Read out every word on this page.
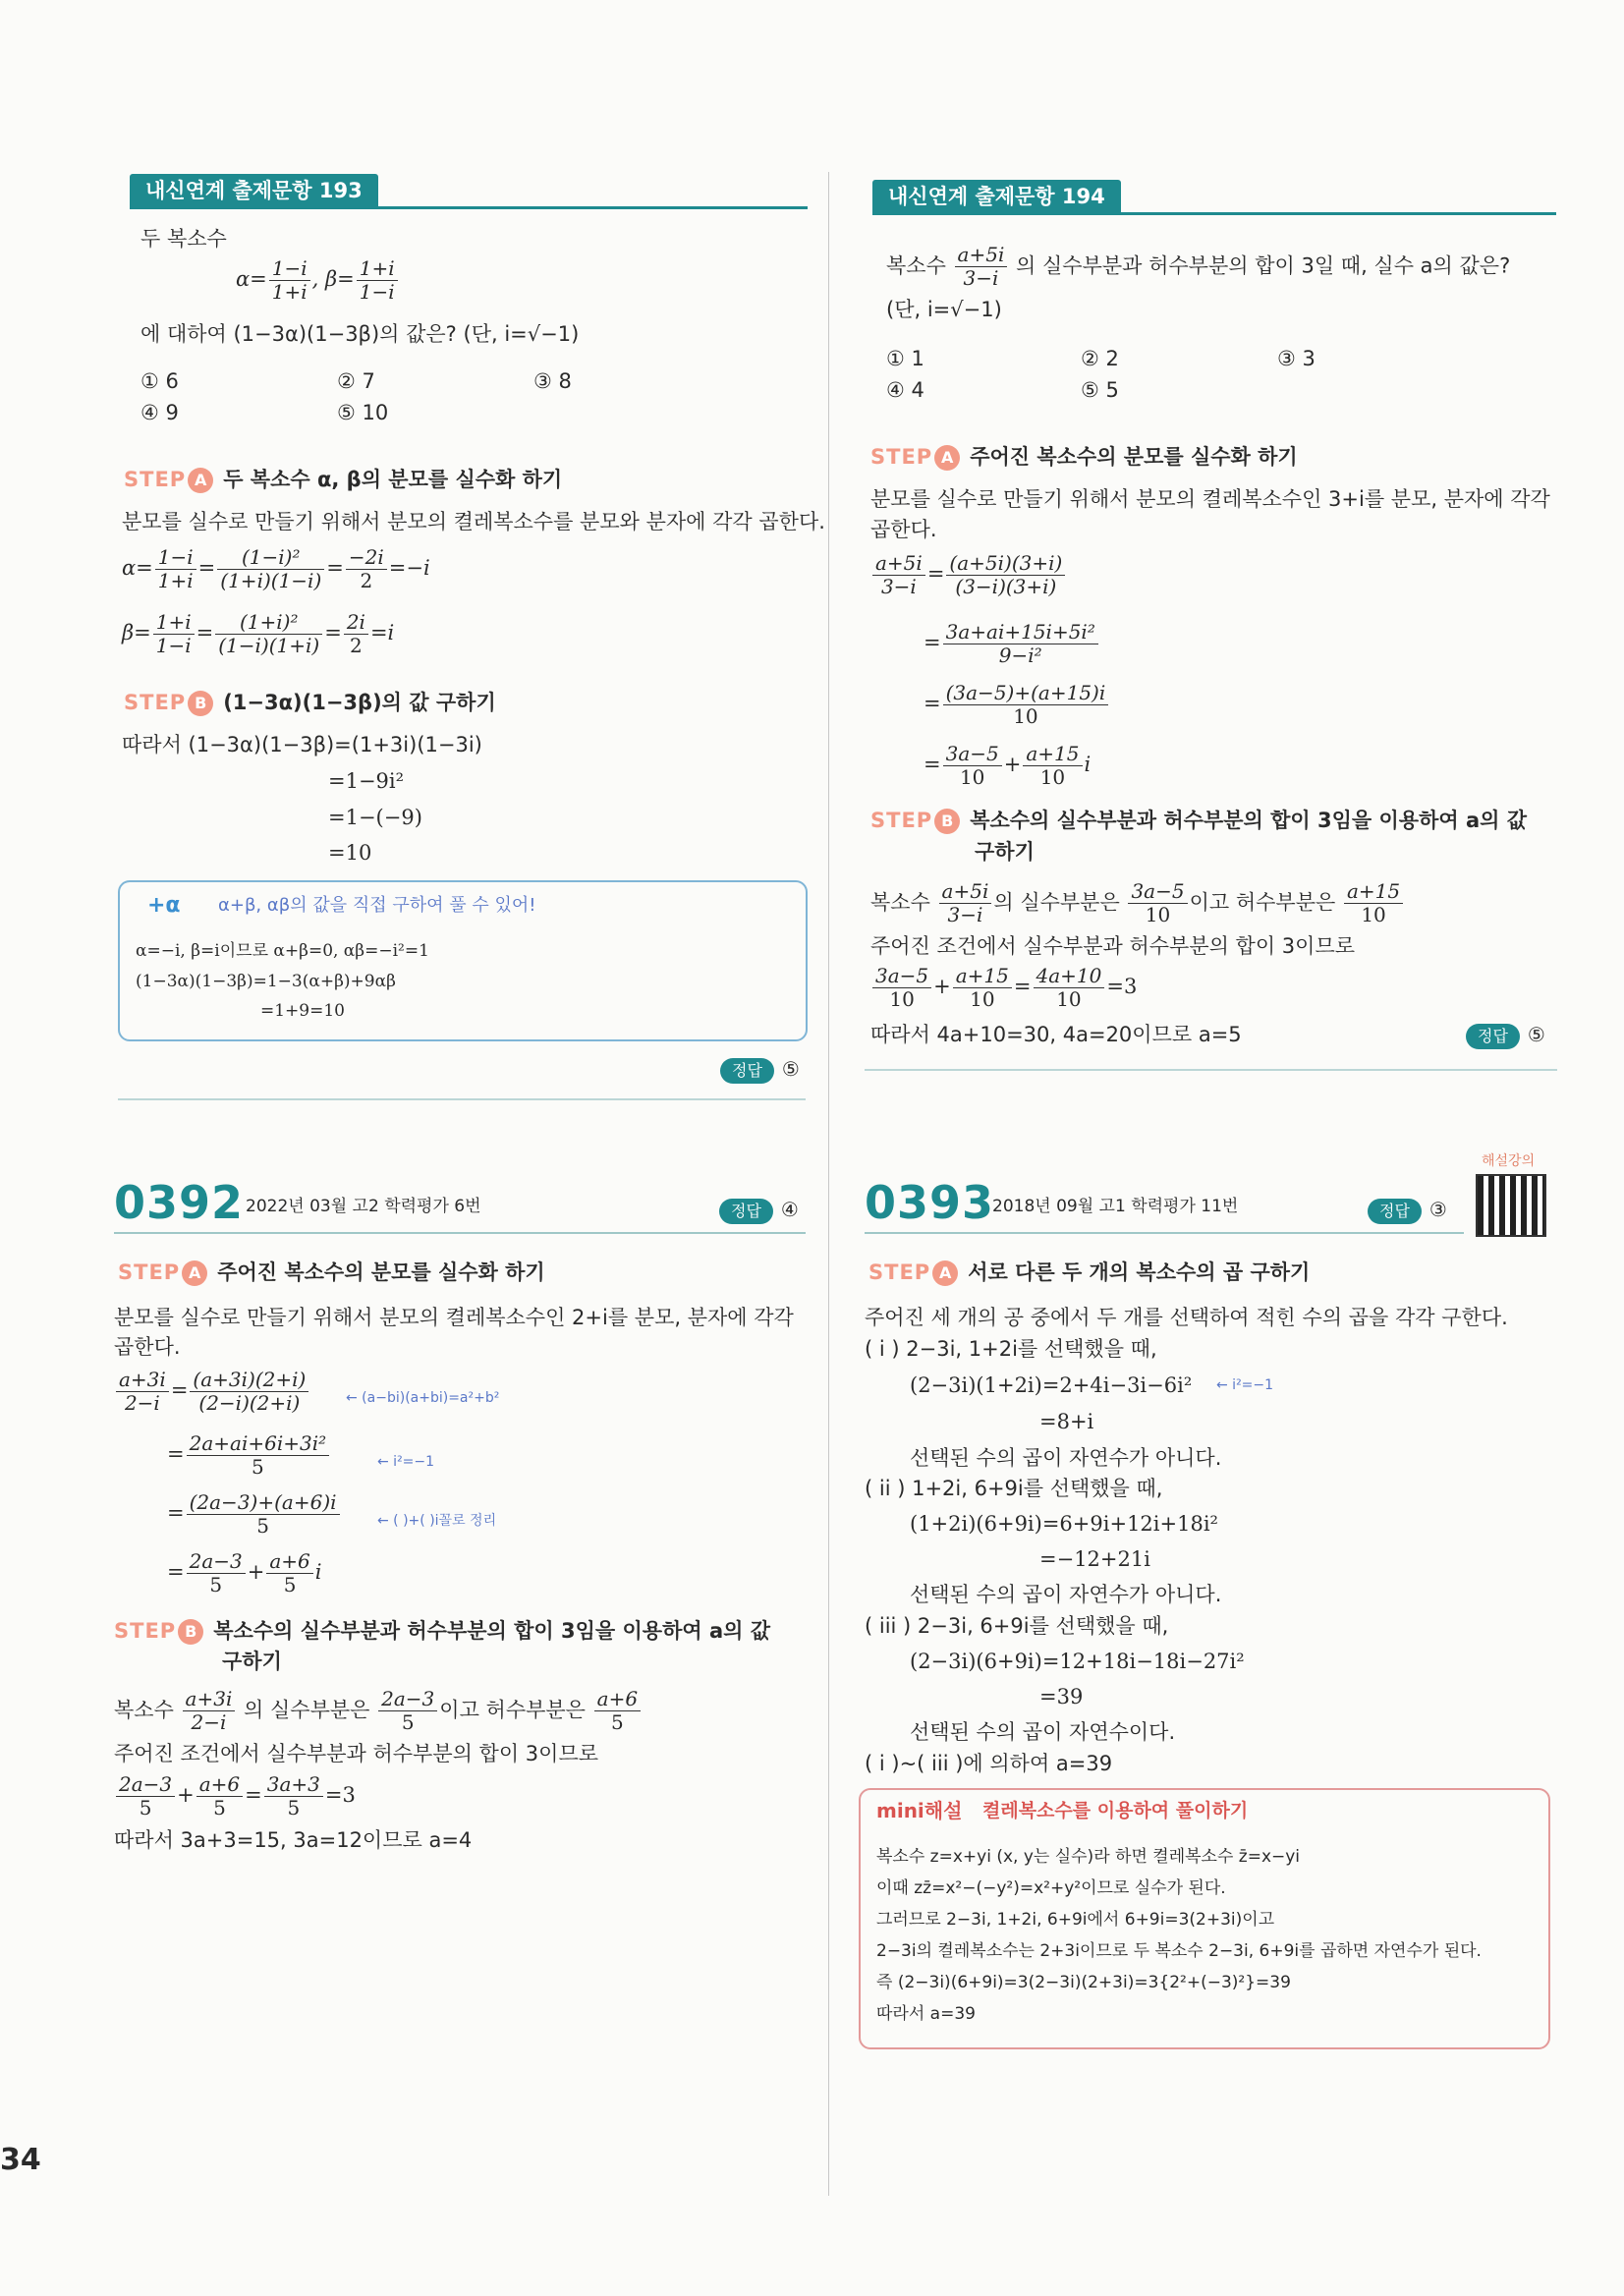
내신연계 출제문항 193
두 복소수
$\alpha= \frac{1-i}{1+i}$ , $\beta= \frac{1+i}{1-i}$
에 대하여 (1−3α)(1−3β)의 값은? (단, i=√−1)
① 6	② 7	③ 8
④ 9	⑤ 10
STEP A 두 복소수 α, β의 분모를 실수화 하기
분모를 실수로 만들기 위해서 분모의 켤레복소수를 분모와 분자에 각각 곱한다.
$\alpha= \frac{1-i}{1+i} = \frac{\text{(1−i)²}}{(1+i)(1-i)} = \frac{-2i}{2} =-i$
$\beta= \frac{1+i}{1-i} = \frac{\text{(1+i)²}}{(1-i)(1+i)} = \frac{2i}{2} =i$
STEP B (1−3α)(1−3β)의 값 구하기
따라서 (1−3α)(1−3β)=(1+3i)(1−3i)
=1−9i²
=1−(−9)
=10
+α α+β, αβ의 값을 직접 구하여 풀 수 있어!
α=−i, β=i이므로 α+β=0, αβ=−i²=1
(1−3α)(1−3β)=1−3(α+β)+9αβ
=1+9=10
정답 ⑤
내신연계 출제문항 194
복소수 $\frac{a+5i}{3-i}$ 의 실수부분과 허수부분의 합이 3일 때, 실수 a의 값은?
(단, i=√−1)
① 1	② 2	③ 3
④ 4	⑤ 5
STEP A 주어진 복소수의 분모를 실수화 하기
분모를 실수로 만들기 위해서 분모의 켤레복소수인 3+i를 분모, 분자에 각각
곱한다.
$\frac{a+5i}{3-i} = \frac{(a+5i)(3+i)}{(3-i)(3+i)}$
= $\frac{\text{3a+ai+15i+5i²}}{\text{9−i²}}$
= $\frac{(3a-5)+(a+15)i}{10}$
= $\frac{3a-5}{10} + \frac{a+15}{10}$ i
STEP B 복소수의 실수부분과 허수부분의 합이 3임을 이용하여 a의 값
구하기
복소수 $\frac{a+5i}{3-i}$ 의 실수부분은 $\frac{3a-5}{10}$ 이고 허수부분은 $\frac{a+15}{10}$
주어진 조건에서 실수부분과 허수부분의 합이 3이므로
$\frac{3a-5}{10} + \frac{a+15}{10} = \frac{4a+10}{10} =3$
따라서 4a+10=30, 4a=20이므로 a=5	정답 ⑤
0392 2022년 03월 고2 학력평가 6번	정답 ④
STEP A 주어진 복소수의 분모를 실수화 하기
분모를 실수로 만들기 위해서 분모의 켤레복소수인 2+i를 분모, 분자에 각각
곱한다.
$\frac{a+3i}{2-i} = \frac{(a+3i)(2+i)}{(2-i)(2+i)}$	← (a−bi)(a+bi)=a²+b²
= $\frac{\text{2a+ai+6i+3i²}}{5}$	← i²=−1
= $\frac{(2a-3)+(a+6)i}{5}$	← ( )+( )i꼴로 정리
= $\frac{2a-3}{5} + \frac{a+6}{5}$ i
STEP B 복소수의 실수부분과 허수부분의 합이 3임을 이용하여 a의 값
구하기
복소수 $\frac{a+3i}{2-i}$ 의 실수부분은 $\frac{2a-3}{5}$ 이고 허수부분은 $\frac{a+6}{5}$
주어진 조건에서 실수부분과 허수부분의 합이 3이므로
$\frac{2a-3}{5} + \frac{a+6}{5} = \frac{3a+3}{5} =3$
따라서 3a+3=15, 3a=12이므로 a=4
0393
2018년 09월 고1 학력평가 11번	정답 ③
해설강의
STEP A 서로 다른 두 개의 복소수의 곱 구하기
주어진 세 개의 공 중에서 두 개를 선택하여 적힌 수의 곱을 각각 구한다.
( i ) 2−3i, 1+2i를 선택했을 때,
(2−3i)(1+2i)=2+4i−3i−6i² ← i²=−1
=8+i
선택된 수의 곱이 자연수가 아니다.
( ii ) 1+2i, 6+9i를 선택했을 때,
(1+2i)(6+9i)=6+9i+12i+18i²
=−12+21i
선택된 수의 곱이 자연수가 아니다.
( iii ) 2−3i, 6+9i를 선택했을 때,
(2−3i)(6+9i)=12+18i−18i−27i²
=39
선택된 수의 곱이 자연수이다.
( i )~( iii )에 의하여 a=39
mini해설 켤레복소수를 이용하여 풀이하기
복소수 z=x+yi (x, y는 실수)라 하면 켤레복소수 z̄=x−yi
이때 zz̄=x²−(−y²)=x²+y²이므로 실수가 된다.
그러므로 2−3i, 1+2i, 6+9i에서 6+9i=3(2+3i)이고
2−3i의 켤레복소수는 2+3i이므로 두 복소수 2−3i, 6+9i를 곱하면 자연수가 된다.
즉 (2−3i)(6+9i)=3(2−3i)(2+3i)=3{2²+(−3)²}=39
따라서 a=39
34
